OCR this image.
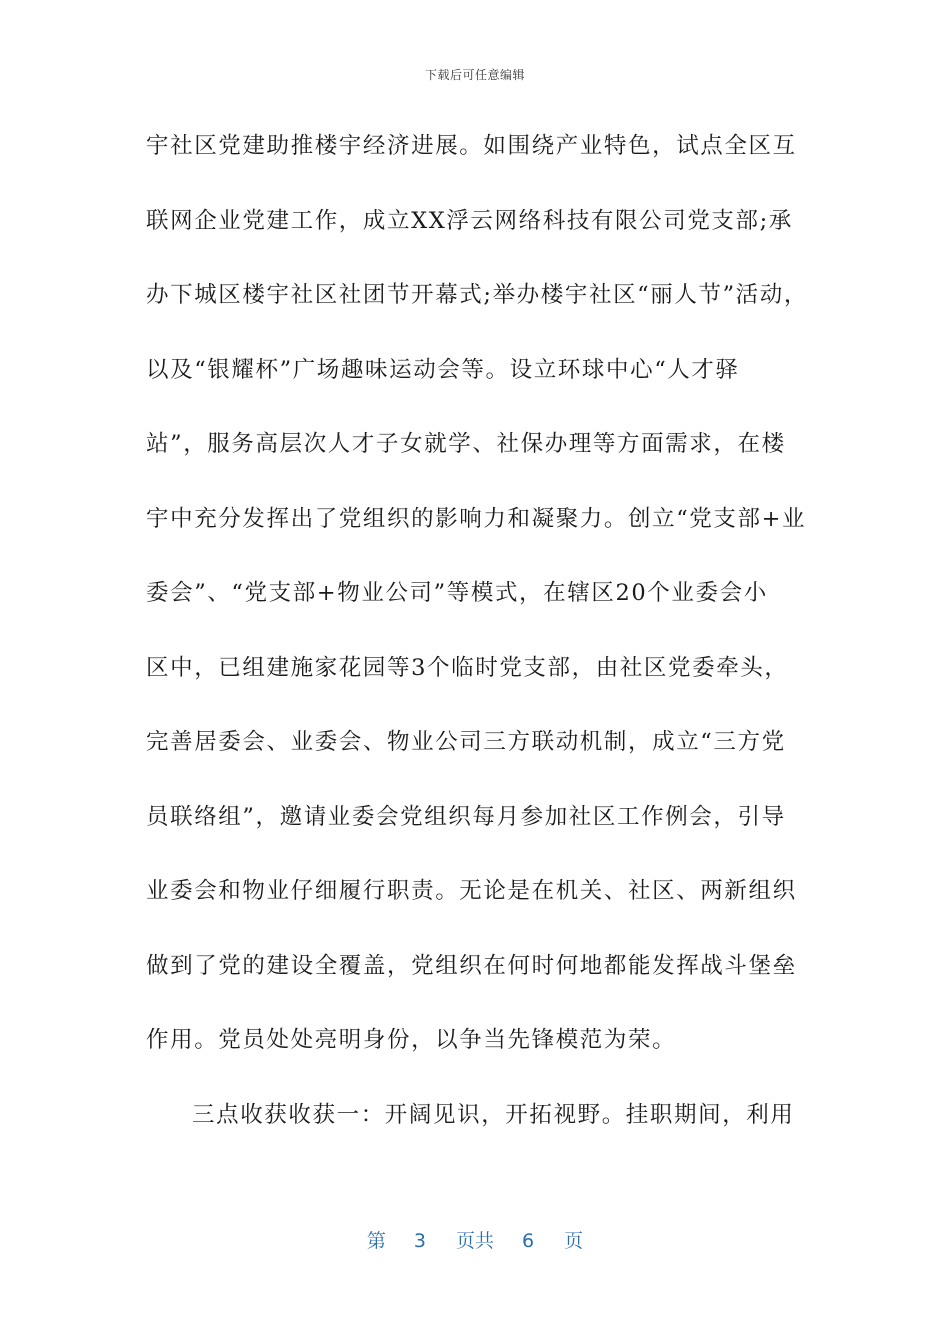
下载后可任意编辑
宇社区党建助推楼宇经济进展。如围绕产业特色，试点全区互
联网企业党建工作，成立XX浮云网络科技有限公司党支部;承
办下城区楼宇社区社团节开幕式;举办楼宇社区“丽人节”活动，
以及“银耀杯”广场趣味运动会等。设立环球中心“人才驿
站”，服务高层次人才子女就学、社保办理等方面需求，在楼
宇中充分发挥出了党组织的影响力和凝聚力。创立“党支部+业
委会”、“党支部+物业公司”等模式，在辖区20个业委会小
区中，已组建施家花园等3个临时党支部，由社区党委牵头，
完善居委会、业委会、物业公司三方联动机制，成立“三方党
员联络组”，邀请业委会党组织每月参加社区工作例会，引导
业委会和物业仔细履行职责。无论是在机关、社区、两新组织
做到了党的建设全覆盖，党组织在何时何地都能发挥战斗堡垒
作用。党员处处亮明身份，以争当先锋模范为荣。
三点收获收获一：开阔见识，开拓视野。挂职期间，利用
第 3 页共 6 页
